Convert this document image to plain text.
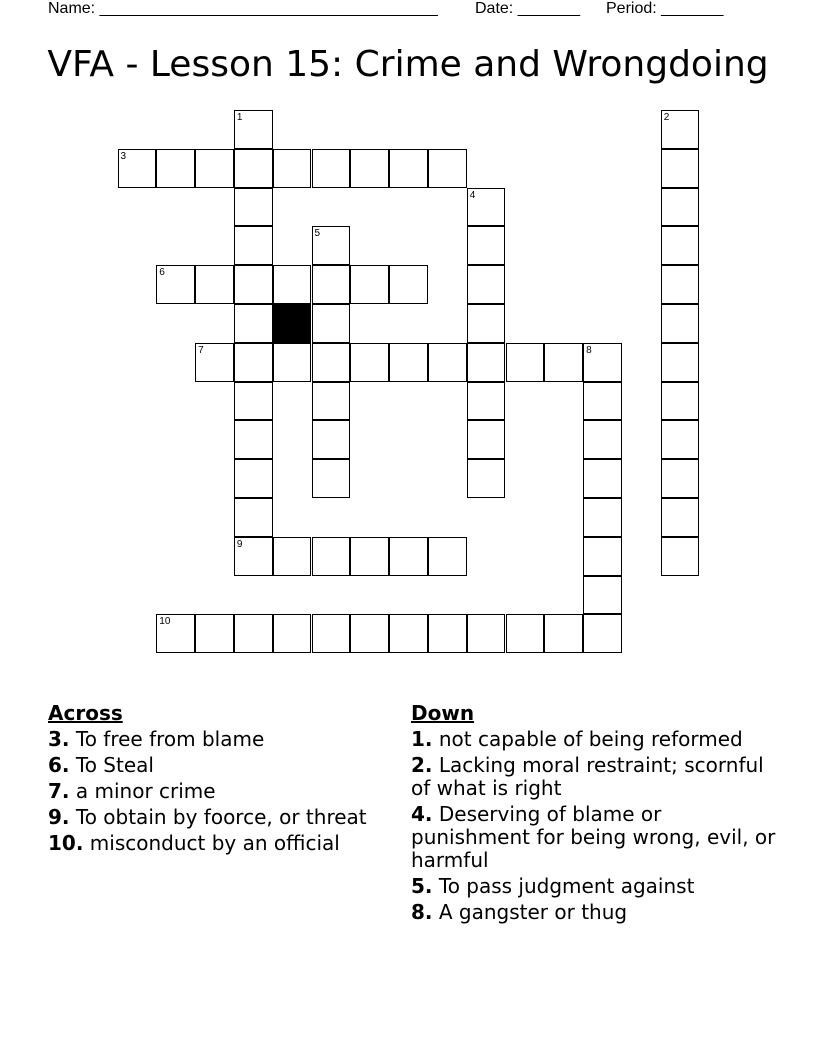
Name: ______________________________________ Date: _______ Period: _______
VFA - Lesson 15: Crime and Wrongdoing
1	2
3
4
5
6
7	8
9
10
Across
3. To free from blame
6. To Steal
7. a minor crime
9. To obtain by foorce, or threat
10. misconduct by an official
Down
1. not capable of being reformed
2. Lacking moral restraint; scornful of what is right
4. Deserving of blame or punishment for being wrong, evil, or harmful
5. To pass judgment against
8. A gangster or thug
